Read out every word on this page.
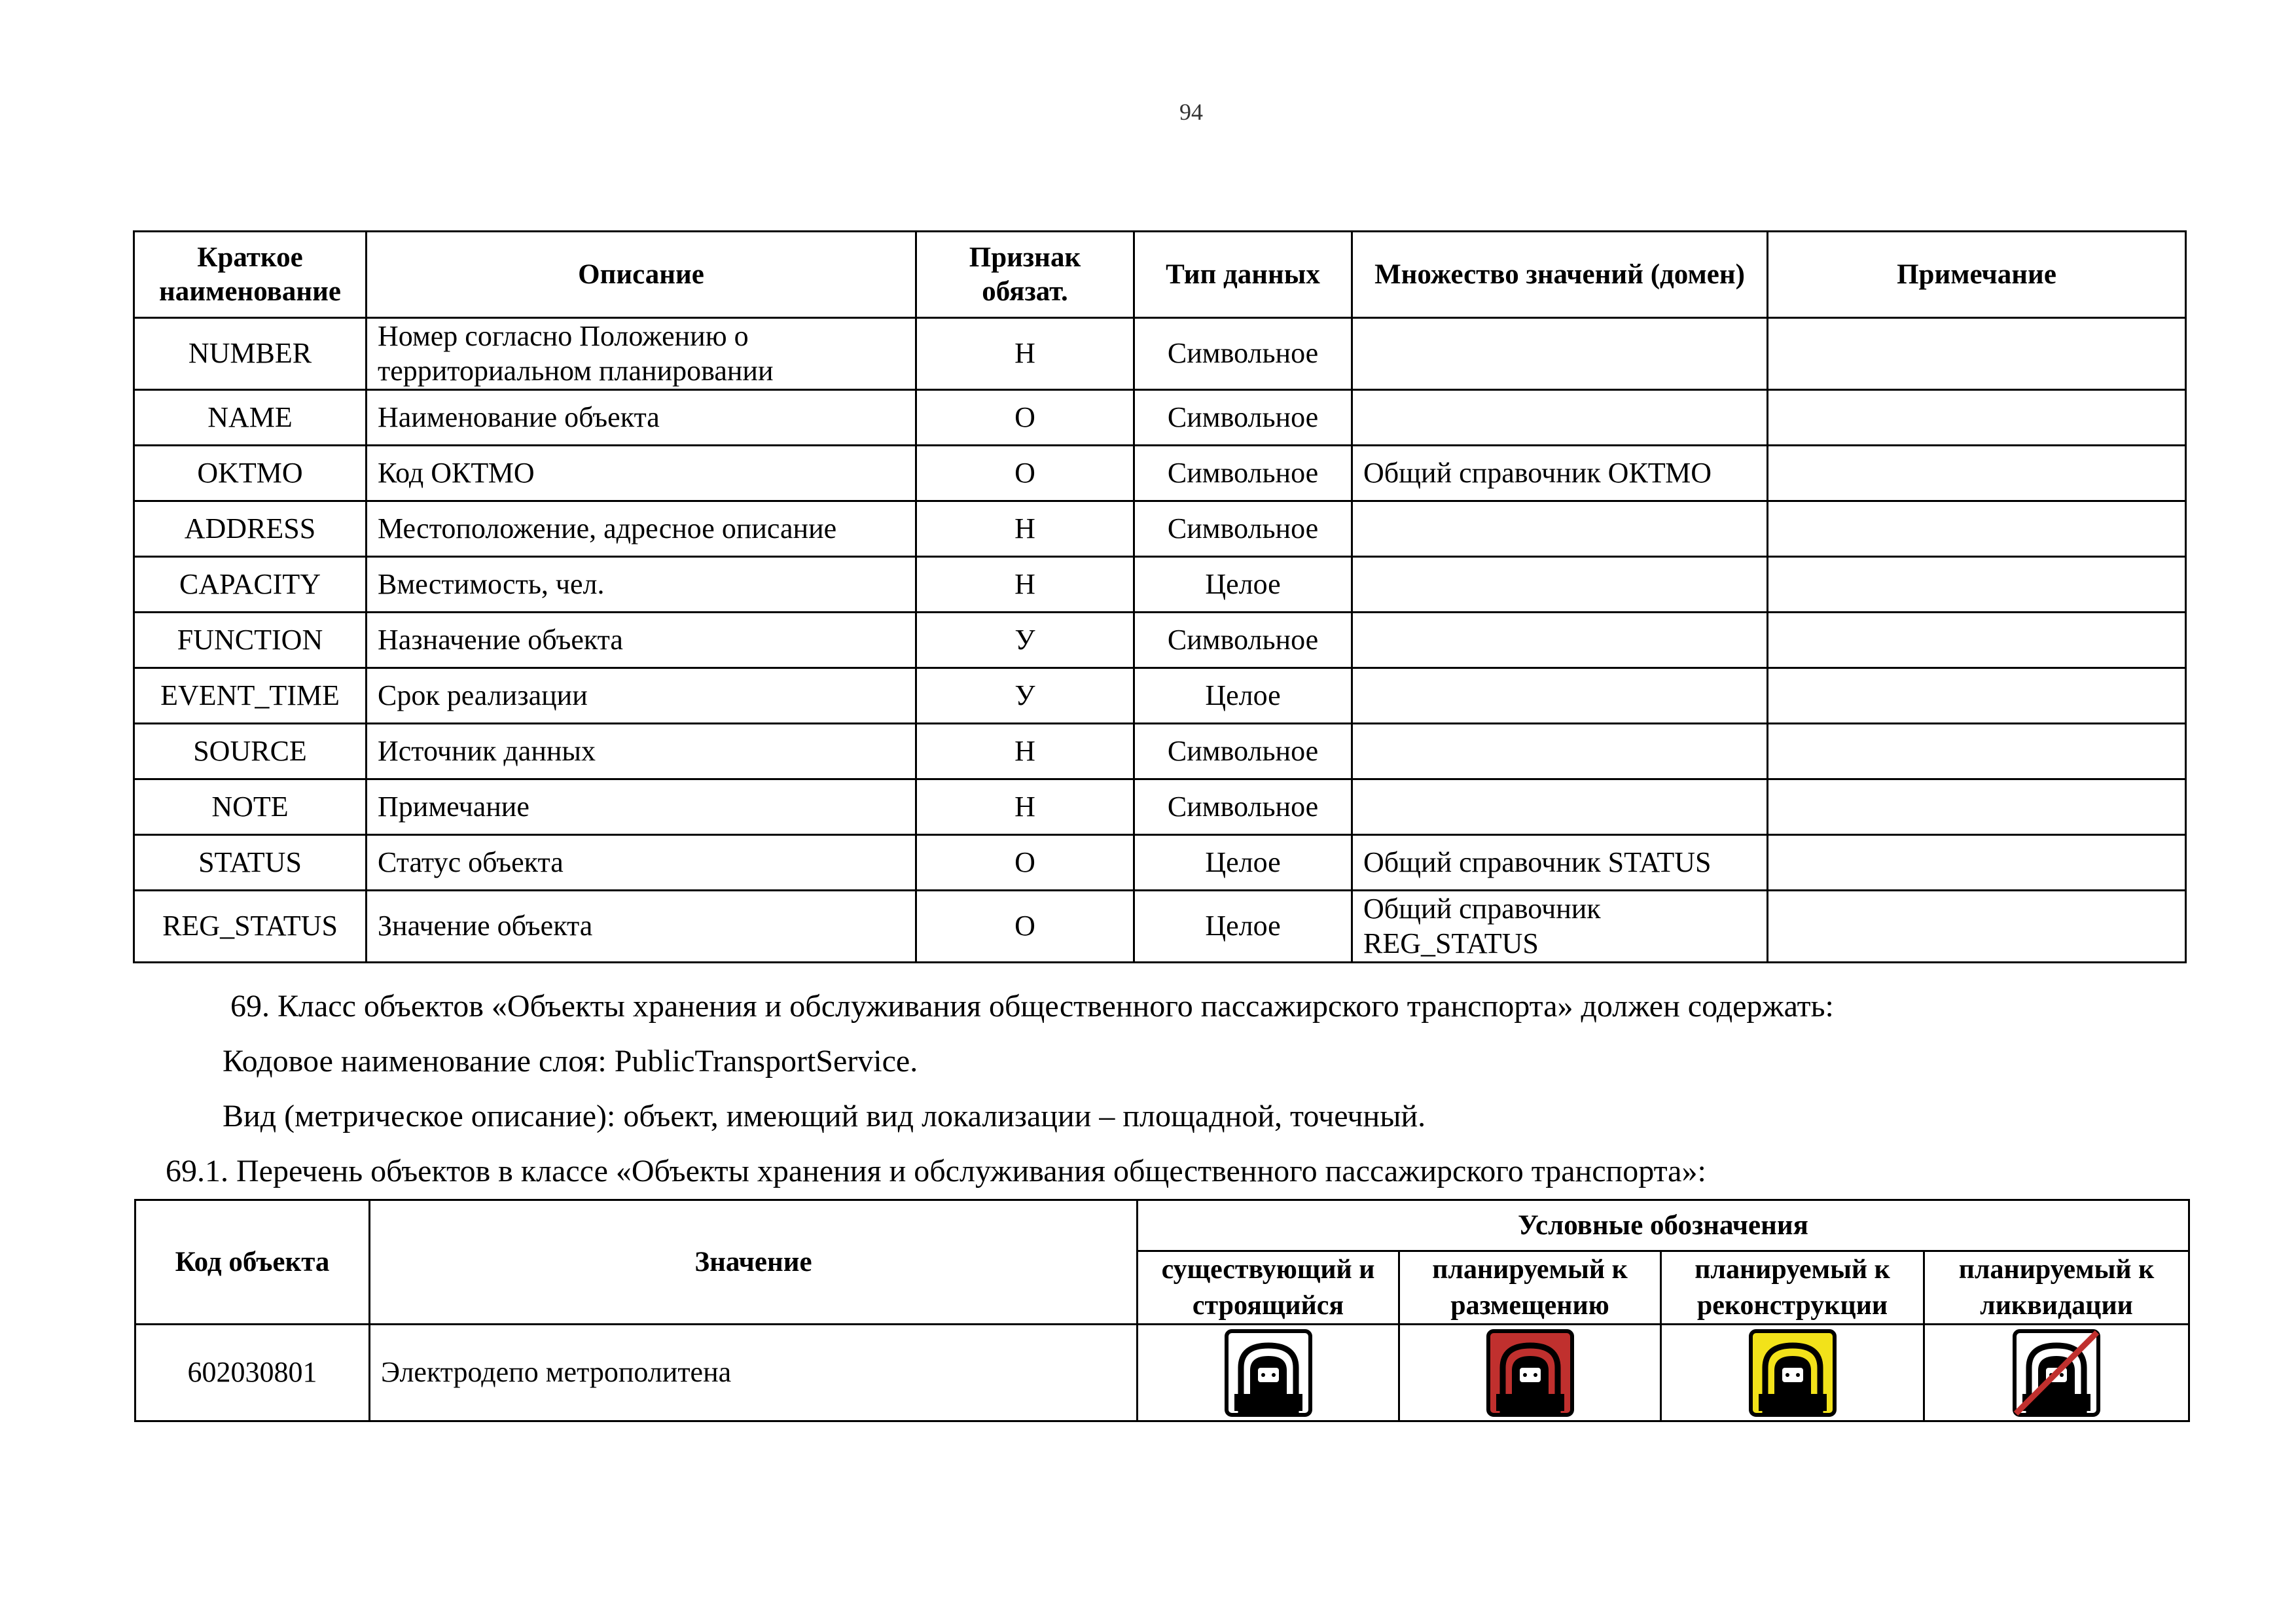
94
Краткое наименование	Описание	Признак обязат.	Тип данных	Множество значений (домен)	Примечание
NUMBER	Номер согласно Положению о территориальном планировании	Н	Символьное		
NAME	Наименование объекта	О	Символьное		
OKTMO	Код ОКТМО	О	Символьное	Общий справочник ОКТМО	
ADDRESS	Местоположение, адресное описание	Н	Символьное		
CAPACITY	Вместимость, чел.	Н	Целое		
FUNCTION	Назначение объекта	У	Символьное		
EVENT_TIME	Срок реализации	У	Целое		
SOURCE	Источник данных	Н	Символьное		
NOTE	Примечание	Н	Символьное		
STATUS	Статус объекта	О	Целое	Общий справочник STATUS	
REG_STATUS	Значение объекта	О	Целое	Общий справочник REG_STATUS	
69. Класс объектов «Объекты хранения и обслуживания общественного пассажирского транспорта» должен содержать:
Кодовое наименование слоя: PublicTransportService.
Вид (метрическое описание): объект, имеющий вид локализации – площадной, точечный.
69.1. Перечень объектов в классе «Объекты хранения и обслуживания общественного пассажирского транспорта»:
Код объекта	Значение	Условные обозначения			
		существующий и строящийся	планируемый к размещению	планируемый к реконструкции	планируемый к ликвидации
602030801	Электродепо метрополитена	
